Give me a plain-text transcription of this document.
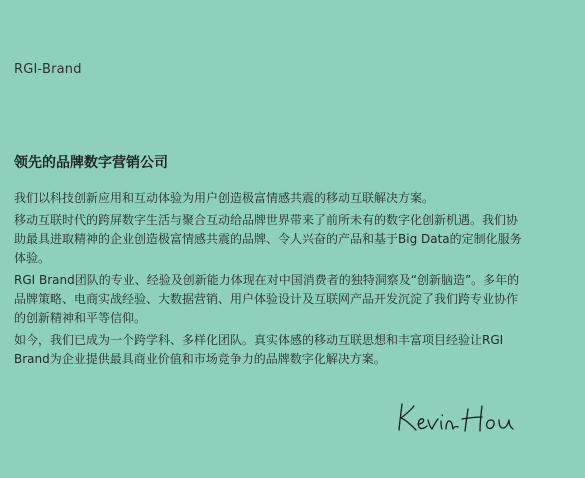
RGI-Brand
领先的品牌数字营销公司

我们以科技创新应用和互动体验为用户创造极富情感共震的移动互联解决方案。

移动互联时代的跨屏数字生活与聚合互动给品牌世界带来了前所未有的数字化创新机遇。我们协助最具进取精神的企业创造极富情感共震的品牌、令人兴奋的产品和基于Big Data的定制化服务体验。

RGI Brand团队的专业、经验及创新能力体现在对中国消费者的独特洞察及“创新脑造”。多年的品牌策略、电商实战经验、大数据营销、用户体验设计及互联网产品开发沉淀了我们跨专业协作的创新精神和平等信仰。

如今，我们已成为一个跨学科、多样化团队。真实体感的移动互联思想和丰富项目经验让RGI Brand为企业提供最具商业价值和市场竞争力的品牌数字化解决方案。
